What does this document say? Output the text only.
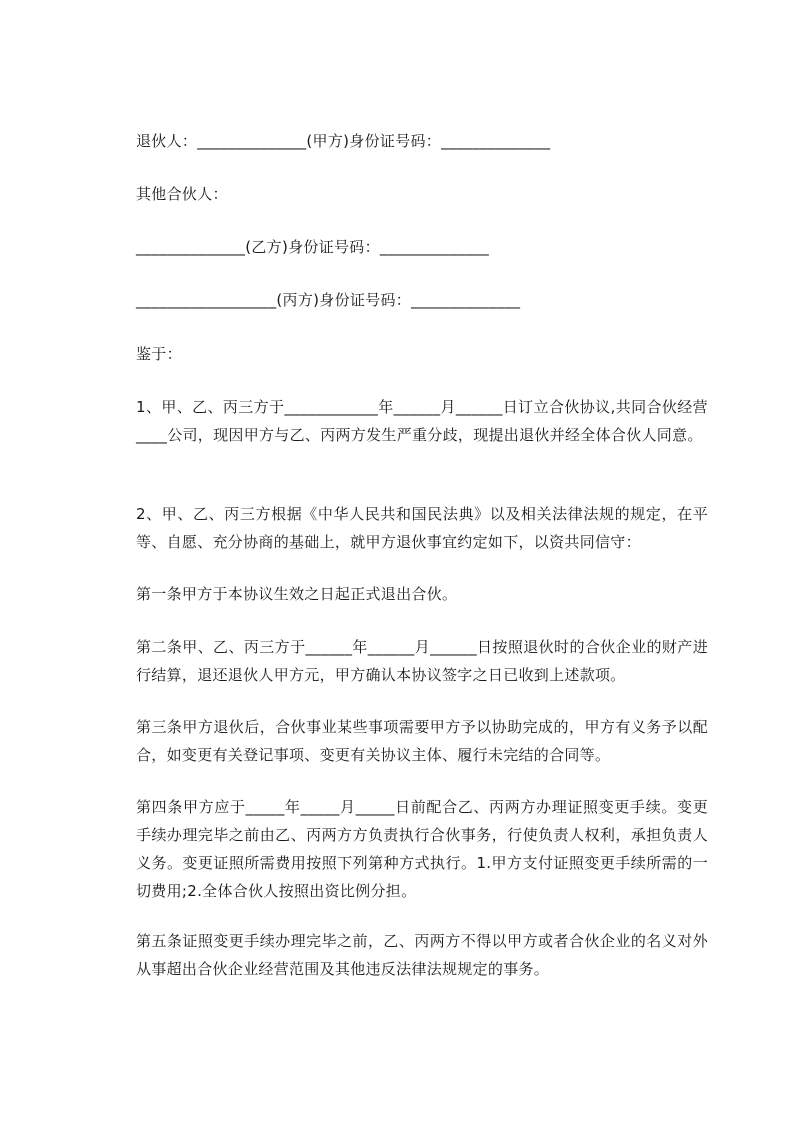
退伙人：______________(甲方)身份证号码：______________
其他合伙人：
______________(乙方)身份证号码：______________
__________________(丙方)身份证号码：______________
鉴于：
1、甲、乙、丙三方于____________年______月______日订立合伙协议,共同合伙经营____公司，现因甲方与乙、丙两方发生严重分歧，现提出退伙并经全体合伙人同意。
2、甲、乙、丙三方根据《中华人民共和国民法典》以及相关法律法规的规定，在平等、自愿、充分协商的基础上，就甲方退伙事宜约定如下，以资共同信守：
第一条甲方于本协议生效之日起正式退出合伙。
第二条甲、乙、丙三方于______年______月______日按照退伙时的合伙企业的财产进行结算，退还退伙人甲方元，甲方确认本协议签字之日已收到上述款项。
第三条甲方退伙后，合伙事业某些事项需要甲方予以协助完成的，甲方有义务予以配合，如变更有关登记事项、变更有关协议主体、履行未完结的合同等。
第四条甲方应于_____年_____月_____日前配合乙、丙两方办理证照变更手续。变更手续办理完毕之前由乙、丙两方方负责执行合伙事务，行使负责人权利，承担负责人义务。变更证照所需费用按照下列第种方式执行。1.甲方支付证照变更手续所需的一切费用;2.全体合伙人按照出资比例分担。
第五条证照变更手续办理完毕之前，乙、丙两方不得以甲方或者合伙企业的名义对外从事超出合伙企业经营范围及其他违反法律法规规定的事务。
